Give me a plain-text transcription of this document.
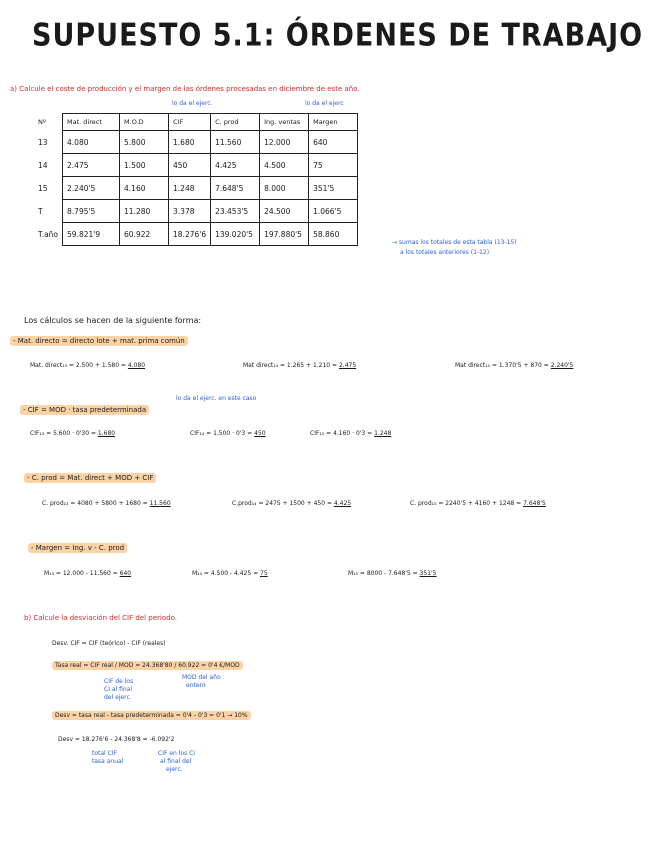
SUPUESTO 5.1: ÓRDENES DE TRABAJO
a) Calcule el coste de producción y el margen de las órdenes procesadas en diciembre de este año.
lo da el ejerc.	lo da el ejerc
Nº	Mat. direct	M.O.D	CIF	C. prod	Ing. ventas	Margen
13	4.080	5.800	1.680	11.560	12.000	640
14	2.475	1.500	450	4.425	4.500	75
15	2.240'5	4.160	1.248	7.648'5	8.000	351'5
T	8.795'5	11.280	3.378	23.453'5	24.500	1.066'5
T.año	59.821'9	60.922	18.276'6	139.020'5	197.880'5	58.860
→ sumas los totales de esta tabla (13-15)
a los totales anteriores (1-12).
Los cálculos se hacen de la siguiente forma:
- Mat. directo = directo lote + mat. prima común
Mat. direct₁₃ = 2.500 + 1.580 = 4.080	Mat direct₁₄ = 1.265 + 1.210 = 2.475	Mat direct₁₅ = 1.370'5 + 870 = 2.240'5
lo da el ejerc. en este caso
- CIF = MOD · tasa predeterminada
CIF₁₃ = 5.600 · 0'30 = 1.680	CIF₁₄ = 1.500 · 0'3 = 450	CIF₁₅ = 4.160 · 0'3 = 1.248
- C. prod = Mat. direct + MOD + CIF
C. prod₁₃ = 4080 + 5800 + 1680 = 11.560	C.prod₁₄ = 2475 + 1500 + 450 = 4.425	C. prod₁₅ = 2240'5 + 4160 + 1248 = 7.648'5
- Margen = Ing. v - C. prod
M₁₃ = 12.000 - 11.560 = 640	M₁₄ = 4.500 - 4.425 = 75	M₁₅ = 8000 - 7.648'5 = 351'5
b) Calcule la desviación del CIF del periodo.
Desv. CIF = CIF (teórico) - CIF (reales)
Tasa real = CIF real / MOD = 24.368'80 / 60.922 = 0'4 €/MOD
CIF de los
CI al final
del ejerc.
MOD del año
entero
Desv = tasa real - tasa predeterminada = 0'4 - 0'3 = 0'1 → 10%
Desv = 18.276'6 - 24.368'8 = -6.092'2
total CIF
tasa anual
CIF en los CI
al final del
ejerc.
